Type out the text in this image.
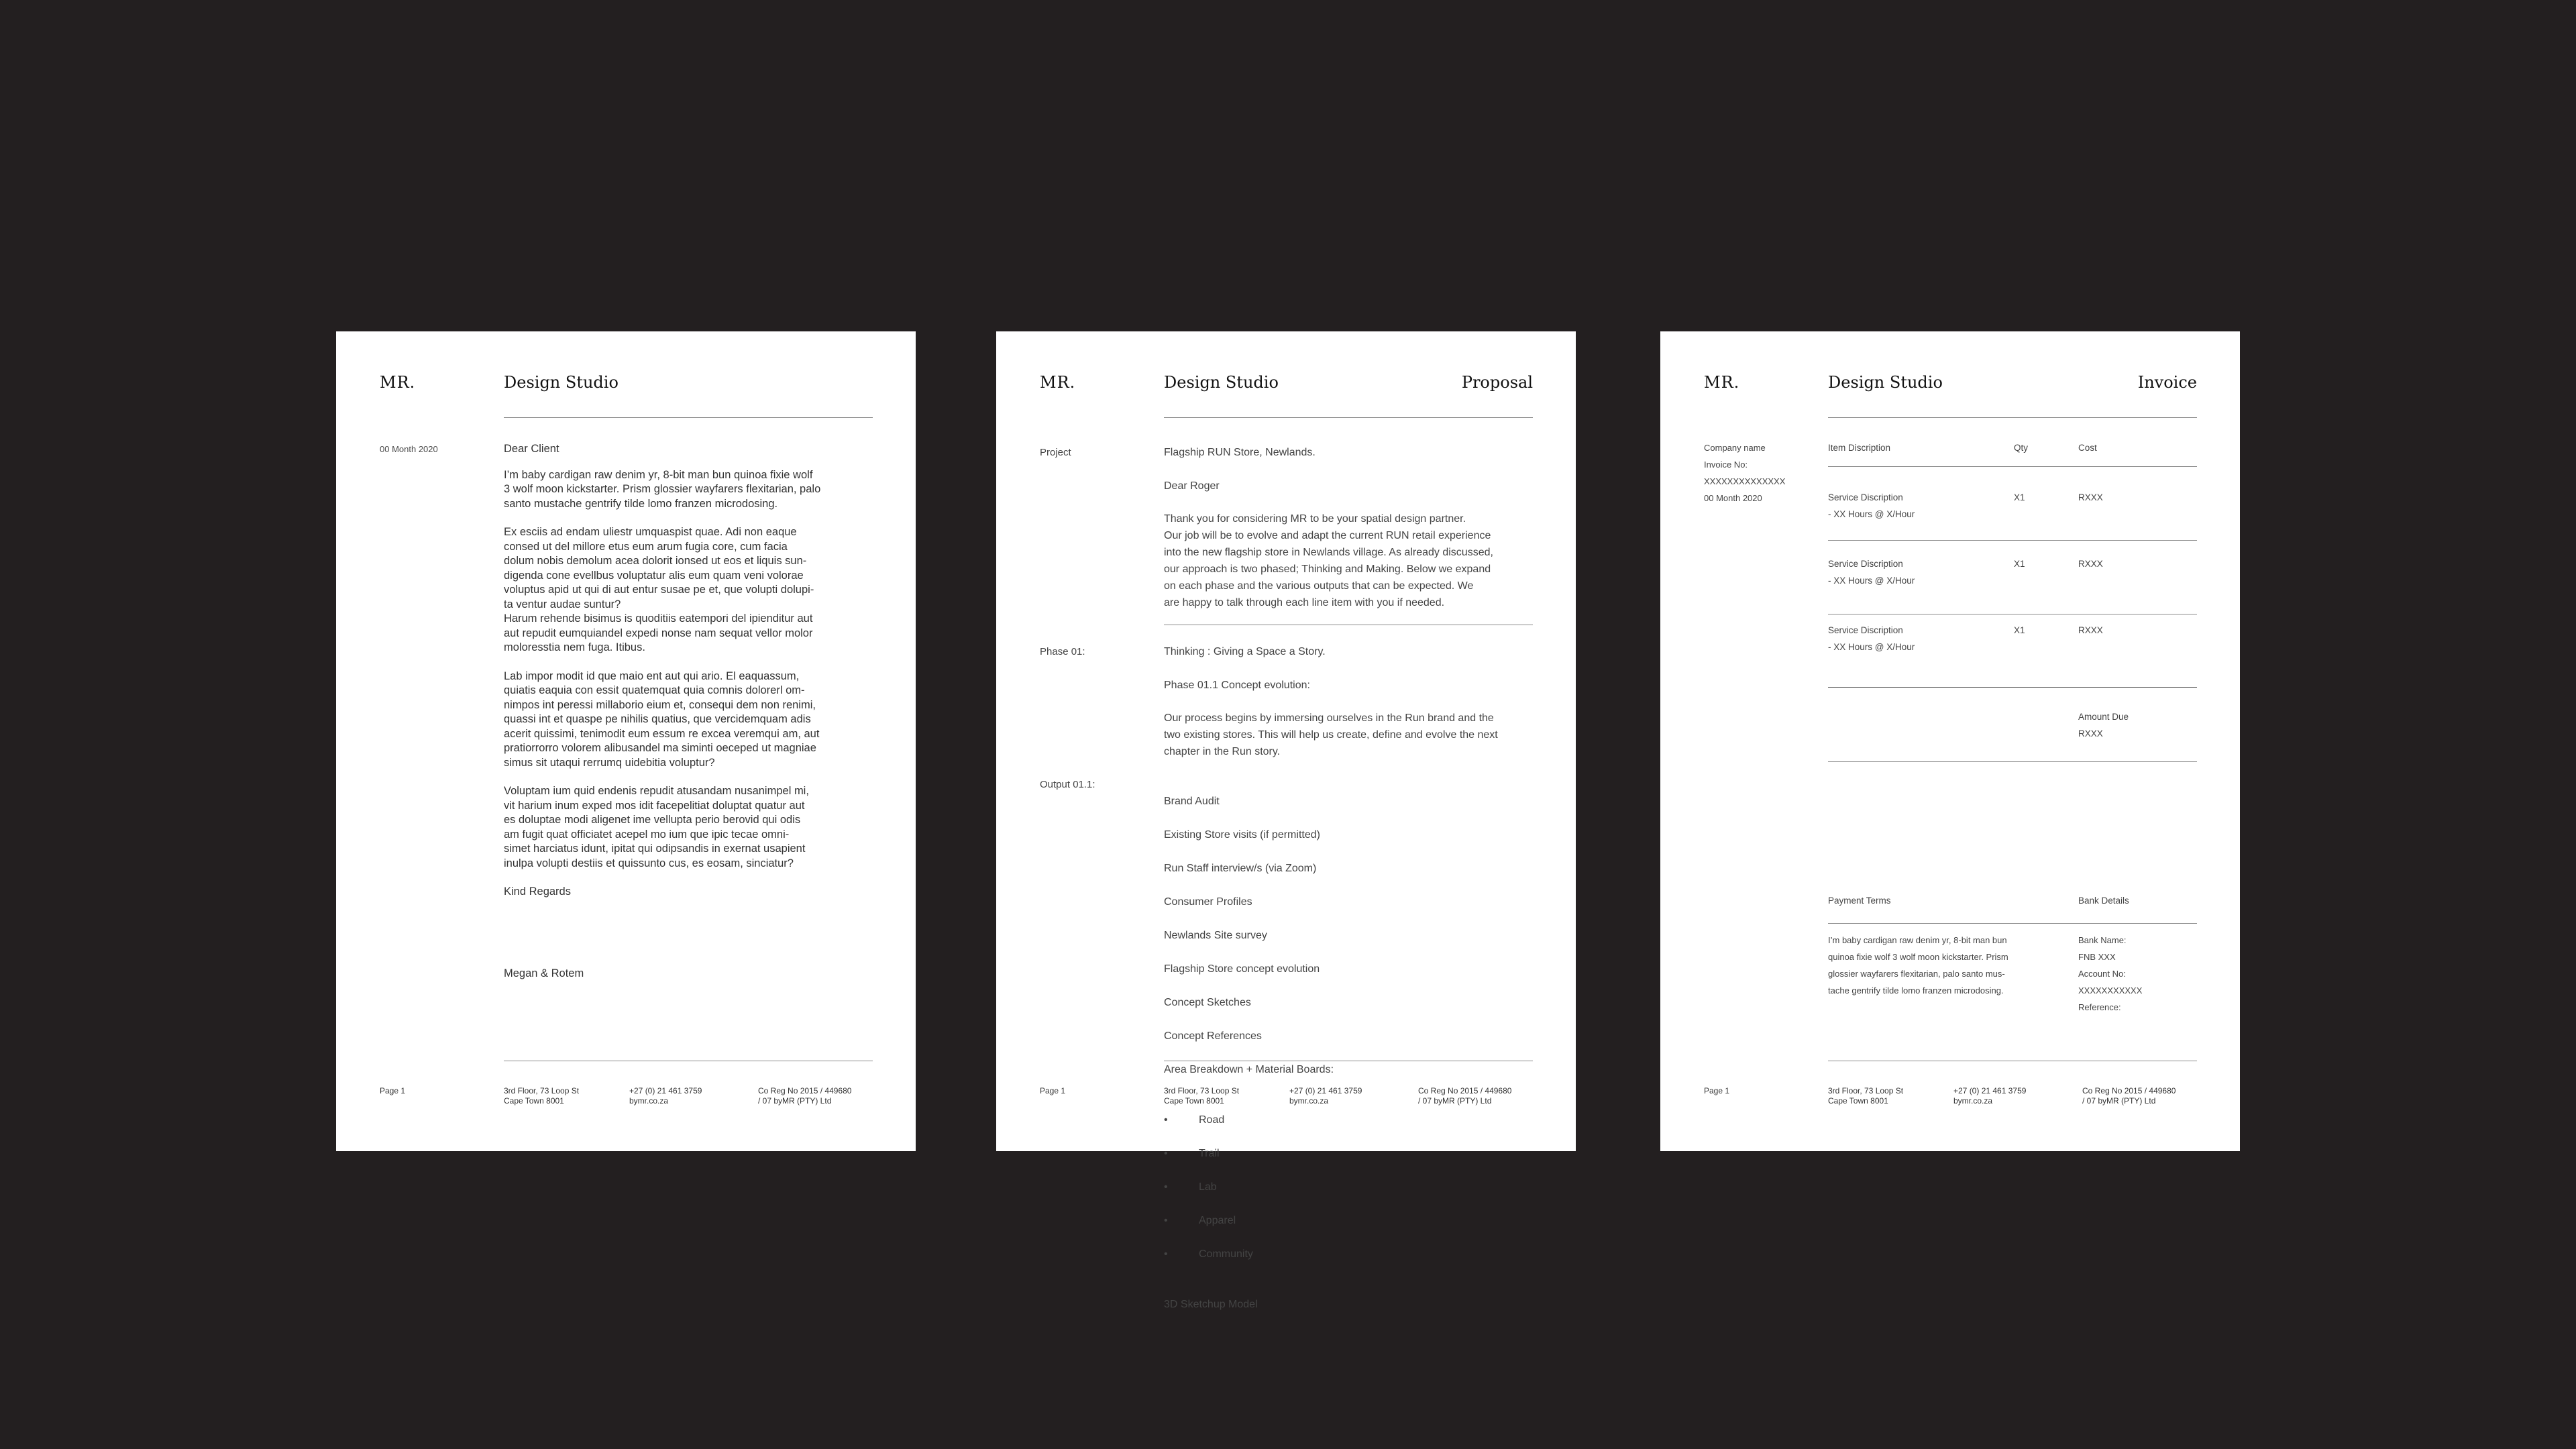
MR.	Design Studio
00 Month 2020	Dear Client

I’m baby cardigan raw denim yr, 8-bit man bun quinoa fixie wolf
3 wolf moon kickstarter. Prism glossier wayfarers flexitarian, palo
santo mustache gentrify tilde lomo franzen microdosing.

Ex esciis ad endam uliestr umquaspist quae. Adi non eaque
consed ut del millore etus eum arum fugia core, cum facia
dolum nobis demolum acea dolorit ionsed ut eos et liquis sun-
digenda cone evellbus voluptatur alis eum quam veni volorae
voluptus apid ut qui di aut entur susae pe et, que volupti dolupi-
ta ventur audae suntur?
Harum rehende bisimus is quoditiis eatempori del ipienditur aut
aut repudit eumquiandel expedi nonse nam sequat vellor molor
moloresstia nem fuga. Itibus.

Lab impor modit id que maio ent aut qui ario. El eaquassum,
quiatis eaquia con essit quatemquat quia comnis dolorerl om-
nimpos int peressi millaborio eium et, consequi dem non renimi,
quassi int et quaspe pe nihilis quatius, que vercidemquam adis
acerit quissimi, tenimodit eum essum re excea veremqui am, aut
pratiorrorro volorem alibusandel ma siminti oeceped ut magniae
simus sit utaqui rerrumq uidebitia voluptur?

Voluptam ium quid endenis repudit atusandam nusanimpel mi,
vit harium inum exped mos idit facepelitiat doluptat quatur aut
es doluptae modi aligenet ime vellupta perio berovid qui odis
am fugit quat officiatet acepel mo ium que ipic tecae omni-
simet harciatus idunt, ipitat qui odipsandis in exernat usapient
inulpa volupti destiis et quissunto cus, es eosam, sinciatur?

Kind Regards

Megan & Rotem
Page 1	3rd Floor, 73 Loop St
Cape Town 8001
+27 (0) 21 461 3759
bymr.co.za
Co Reg No 2015 / 449680
/ 07 byMR (PTY) Ltd
MR.	Design Studio	Proposal
Project	Flagship RUN Store, Newlands.
Dear Roger
Thank you for considering MR to be your spatial design partner.
Our job will be to evolve and adapt the current RUN retail experience
into the new flagship store in Newlands village. As already discussed,
our approach is two phased; Thinking and Making. Below we expand
on each phase and the various outputs that can be expected. We
are happy to talk through each line item with you if needed.
Phase 01:	Thinking : Giving a Space a Story.
Phase 01.1 Concept evolution:
Our process begins by immersing ourselves in the Run brand and the
two existing stores. This will help us create, define and evolve the next
chapter in the Run story.
Output 01.1:

Brand Audit

Existing Store visits (if permitted)

Run Staff interview/s (via Zoom)

Consumer Profiles

Newlands Site survey

Flagship Store concept evolution

Concept Sketches

Concept References

Area Breakdown + Material Boards:

•	Road

•	Trail

•	Lab

•	Apparel

•	Community

3D Sketchup Model

Page 1	3rd Floor, 73 Loop St
Cape Town 8001
+27 (0) 21 461 3759
bymr.co.za
Co Reg No 2015 / 449680
/ 07 byMR (PTY) Ltd
MR.	Design Studio	Invoice
Company name
Invoice No:
XXXXXXXXXXXXXX
00 Month 2020
Item Discription	Qty	Cost
Service Discription
- XX Hours @ X/Hour
X1	RXXX
Service Discription
- XX Hours @ X/Hour
X1	RXXX
Service Discription
- XX Hours @ X/Hour
X1	RXXX
Amount Due
RXXX
Payment Terms	Bank Details
I’m baby cardigan raw denim yr, 8-bit man bun
quinoa fixie wolf 3 wolf moon kickstarter. Prism
glossier wayfarers flexitarian, palo santo mus-
tache gentrify tilde lomo franzen microdosing.
Bank Name:
FNB XXX
Account No:
XXXXXXXXXXX
Reference:
Page 1	3rd Floor, 73 Loop St
Cape Town 8001
+27 (0) 21 461 3759
bymr.co.za
Co Reg No 2015 / 449680
/ 07 byMR (PTY) Ltd
